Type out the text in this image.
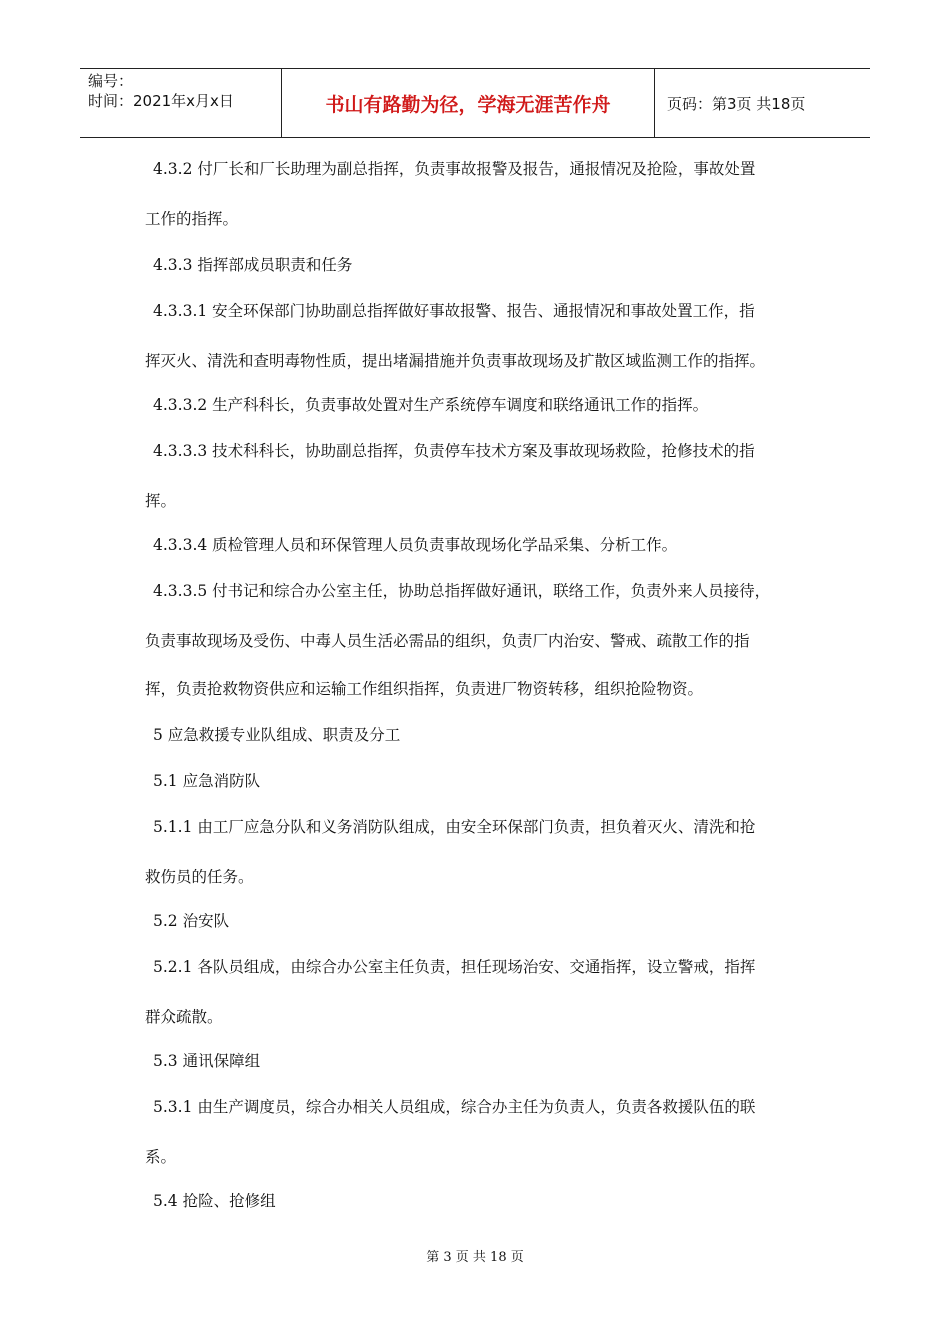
编号：
时间：2021年x月x日	书山有路勤为径，学海无涯苦作舟	页码：第3页 共18页
4.3.2 付厂长和厂长助理为副总指挥，负责事故报警及报告，通报情况及抢险，事故处置
工作的指挥。
4.3.3 指挥部成员职责和任务
4.3.3.1 安全环保部门协助副总指挥做好事故报警、报告、通报情况和事故处置工作，指
挥灭火、清洗和查明毒物性质，提出堵漏措施并负责事故现场及扩散区域监测工作的指挥。
4.3.3.2 生产科科长，负责事故处置对生产系统停车调度和联络通讯工作的指挥。
4.3.3.3 技术科科长，协助副总指挥，负责停车技术方案及事故现场救险，抢修技术的指
挥。
4.3.3.4 质检管理人员和环保管理人员负责事故现场化学品采集、分析工作。
4.3.3.5 付书记和综合办公室主任，协助总指挥做好通讯，联络工作，负责外来人员接待，
负责事故现场及受伤、中毒人员生活必需品的组织，负责厂内治安、警戒、疏散工作的指
挥，负责抢救物资供应和运输工作组织指挥，负责进厂物资转移，组织抢险物资。
5 应急救援专业队组成、职责及分工
5.1 应急消防队
5.1.1 由工厂应急分队和义务消防队组成，由安全环保部门负责，担负着灭火、清洗和抢
救伤员的任务。
5.2 治安队
5.2.1 各队员组成，由综合办公室主任负责，担任现场治安、交通指挥，设立警戒，指挥
群众疏散。
5.3 通讯保障组
5.3.1 由生产调度员，综合办相关人员组成，综合办主任为负责人，负责各救援队伍的联
系。
5.4 抢险、抢修组
第 3 页 共 18 页
